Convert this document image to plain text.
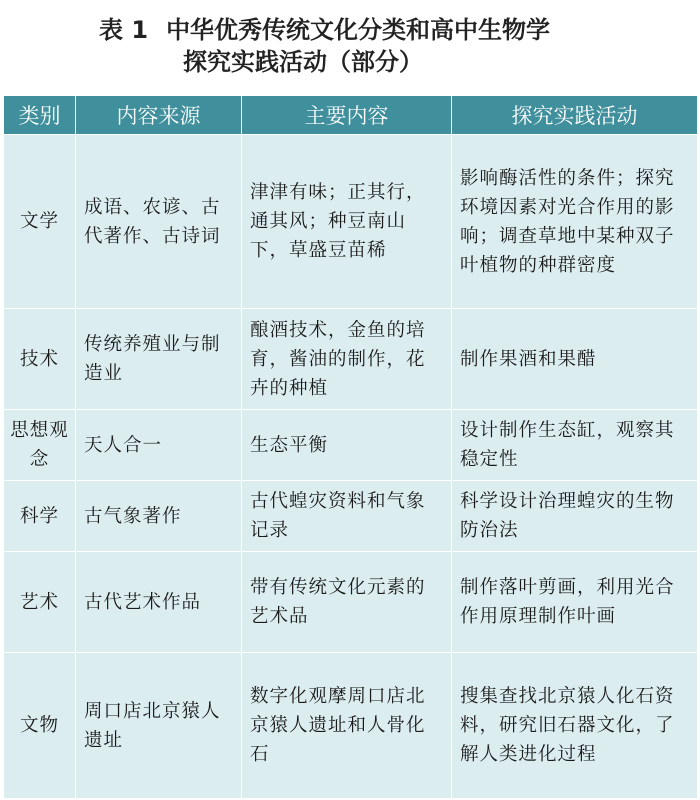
表 1 中华优秀传统文化分类和高中生物学
探究实践活动（部分）
类别	内容来源	主要内容	探究实践活动
文学	成语、农谚、古代著作、古诗词	津津有味；正其行，通其风；种豆南山下，草盛豆苗稀	影响酶活性的条件；探究环境因素对光合作用的影响；调查草地中某种双子叶植物的种群密度
技术	传统养殖业与制造业	酿酒技术，金鱼的培育，酱油的制作，花卉的种植	制作果酒和果醋
思想观念	天人合一	生态平衡	设计制作生态缸，观察其稳定性
科学	古气象著作	古代蝗灾资料和气象记录	科学设计治理蝗灾的生物防治法
艺术	古代艺术作品	带有传统文化元素的艺术品	制作落叶剪画，利用光合作用原理制作叶画
文物	周口店北京猿人遗址	数字化观摩周口店北京猿人遗址和人骨化石	搜集查找北京猿人化石资料，研究旧石器文化，了解人类进化过程
